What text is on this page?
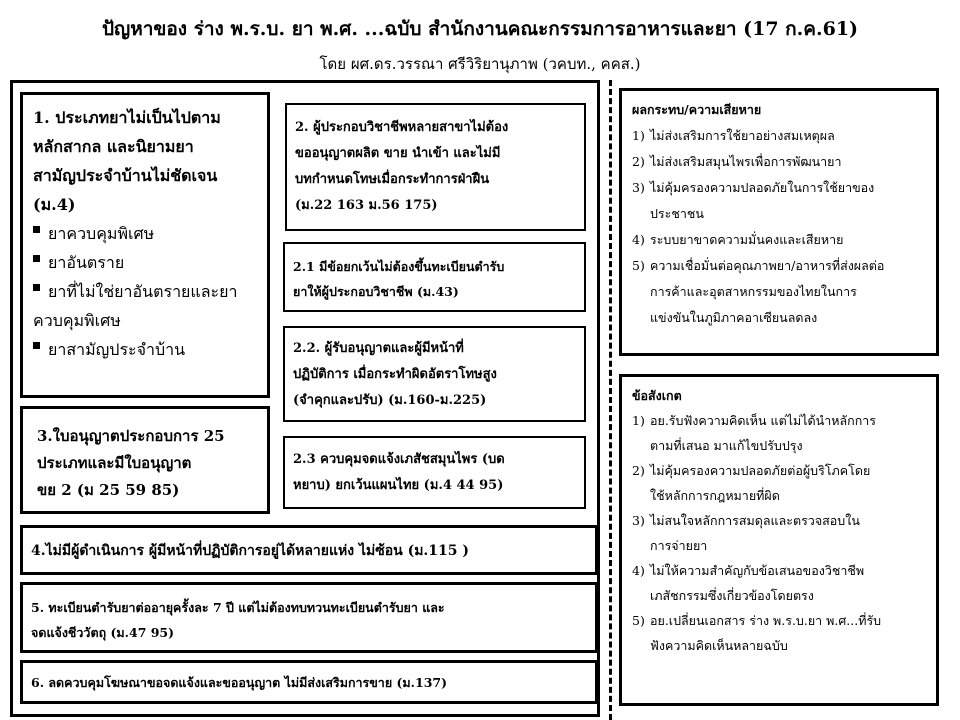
ปัญหาของ ร่าง พ.ร.บ. ยา พ.ศ. ...ฉบับ สำนักงานคณะกรรมการอาหารและยา (17 ก.ค.61)
โดย ผศ.ดร.วรรณา ศรีวิริยานุภาพ (วคบท., คคส.)
1. ประเภทยาไม่เป็นไปตาม
หลักสากล และนิยามยา
สามัญประจำบ้านไม่ชัดเจน
(ม.4)
ยาควบคุมพิเศษ
ยาอันตราย
ยาที่ไม่ใช่ยาอันตรายและยา
ควบคุมพิเศษ
ยาสามัญประจำบ้าน
2. ผู้ประกอบวิชาชีพหลายสาขาไม่ต้อง
ขออนุญาตผลิต ขาย นำเข้า และไม่มี
บทกำหนดโทษเมื่อกระทำการฝ่าฝืน
(ม.22 163 ม.56 175)
2.1 มีข้อยกเว้นไม่ต้องขึ้นทะเบียนตำรับ
ยาให้ผู้ประกอบวิชาชีพ (ม.43)
2.2. ผู้รับอนุญาตและผู้มีหน้าที่
ปฏิบัติการ เมื่อกระทำผิดอัตราโทษสูง
(จำคุกและปรับ) (ม.160-ม.225)
2.3 ควบคุมจดแจ้งเภสัชสมุนไพร (บด
หยาบ) ยกเว้นแผนไทย (ม.4 44 95)
3.ใบอนุญาตประกอบการ 25
ประเภทและมีใบอนุญาต
ขย 2 (ม 25 59 85)
4.ไม่มีผู้ดำเนินการ ผู้มีหน้าที่ปฏิบัติการอยู่ได้หลายแห่ง ไม่ซ้อน (ม.115 )
5. ทะเบียนตำรับยาต่ออายุครั้งละ 7 ปี แต่ไม่ต้องทบทวนทะเบียนตำรับยา และ
จดแจ้งชีววัตถุ (ม.47 95)
6. ลดควบคุมโฆษณาขอจดแจ้งและขออนุญาต ไม่มีส่งเสริมการขาย (ม.137)
ผลกระทบ/ความเสียหาย
1) ไม่ส่งเสริมการใช้ยาอย่างสมเหตุผล
2) ไม่ส่งเสริมสมุนไพรเพื่อการพัฒนายา
3) ไม่คุ้มครองความปลอดภัยในการใช้ยาของ
ประชาชน
4) ระบบยาขาดความมั่นคงและเสียหาย
5) ความเชื่อมั่นต่อคุณภาพยา/อาหารที่ส่งผลต่อ
การค้าและอุตสาหกรรมของไทยในการ
แข่งขันในภูมิภาคอาเซียนลดลง
ข้อสังเกต
1) อย.รับฟังความคิดเห็น แต่ไม่ได้นำหลักการ
ตามที่เสนอ มาแก้ไขปรับปรุง
2) ไม่คุ้มครองความปลอดภัยต่อผู้บริโภคโดย
ใช้หลักการกฎหมายที่ผิด
3) ไม่สนใจหลักการสมดุลและตรวจสอบใน
การจ่ายยา
4) ไม่ให้ความสำคัญกับข้อเสนอของวิชาชีพ
เภสัชกรรมซึ่งเกี่ยวข้องโดยตรง
5) อย.เปลี่ยนเอกสาร ร่าง พ.ร.บ.ยา พ.ศ...ที่รับ
ฟังความคิดเห็นหลายฉบับ
